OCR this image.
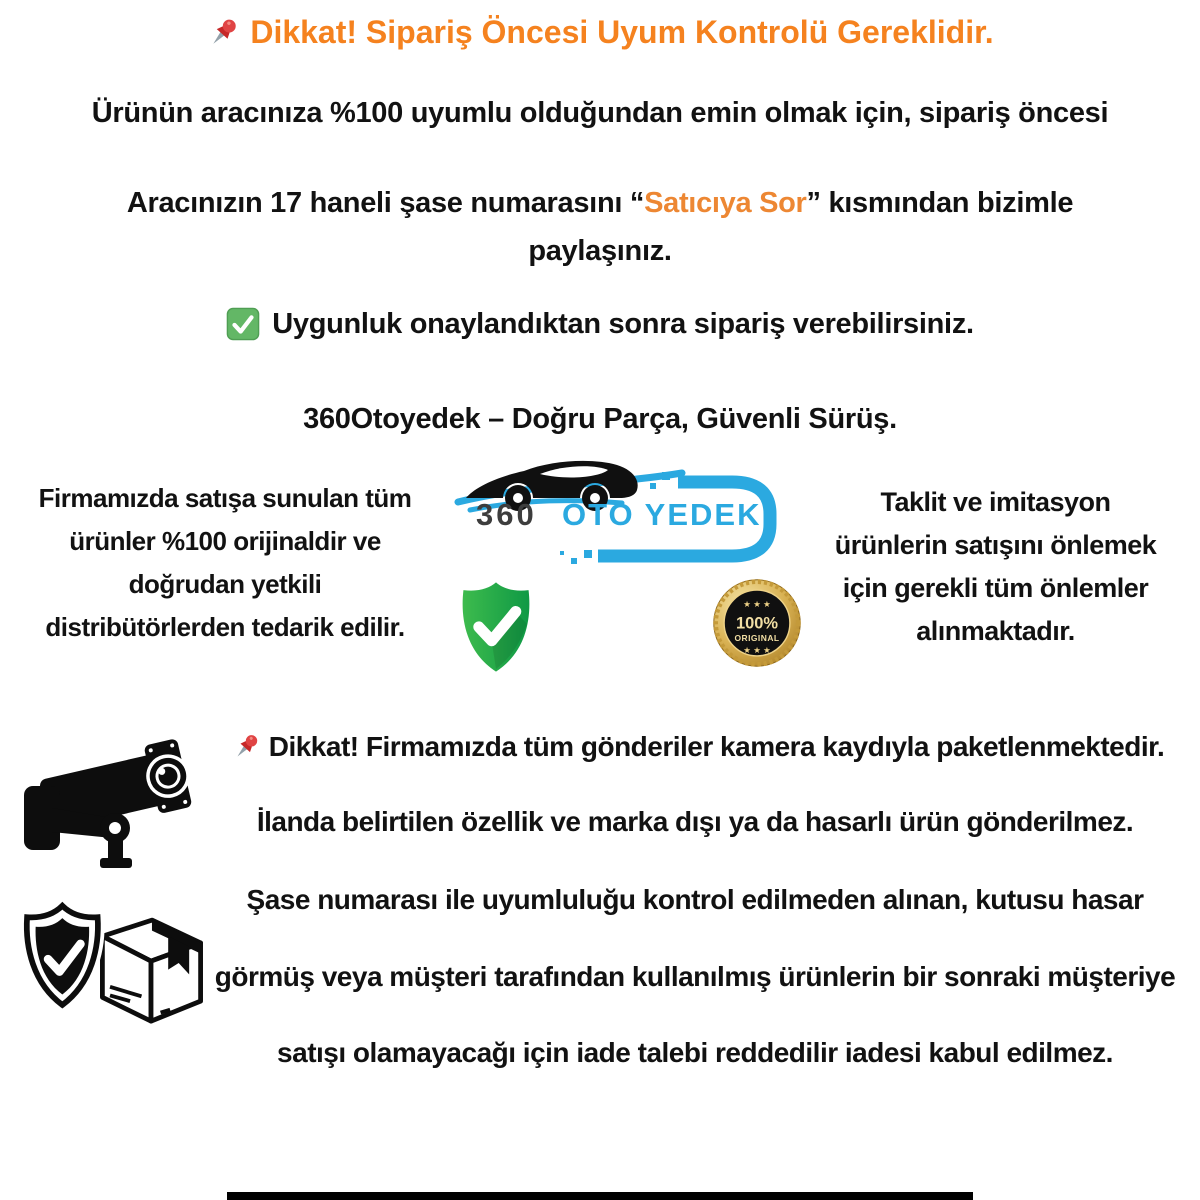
Dikkat! Sipariş Öncesi Uyum Kontrolü Gereklidir.
Ürünün aracınıza %100 uyumlu olduğundan emin olmak için, sipariş öncesi
Aracınızın 17 haneli şase numarasını “Satıcıya Sor” kısmından bizimle
paylaşınız.
Uygunluk onaylandıktan sonra sipariş verebilirsiniz.
360Otoyedek – Doğru Parça, Güvenli Sürüş.
Firmamızda satışa sunulan tüm
ürünler %100 orijinaldir ve
doğrudan yetkili
distribütörlerden tedarik edilir.
Taklit ve imitasyon
ürünlerin satışını önlemek
için gerekli tüm önlemler
alınmaktadır.
360 OTO YEDEK
★ ★ ★
100%
ORIGINAL
★ ★ ★
Dikkat! Firmamızda tüm gönderiler kamera kaydıyla paketlenmektedir.
İlanda belirtilen özellik ve marka dışı ya da hasarlı ürün gönderilmez.
Şase numarası ile uyumluluğu kontrol edilmeden alınan, kutusu hasar
görmüş veya müşteri tarafından kullanılmış ürünlerin bir sonraki müşteriye
satışı olamayacağı için iade talebi reddedilir iadesi kabul edilmez.
